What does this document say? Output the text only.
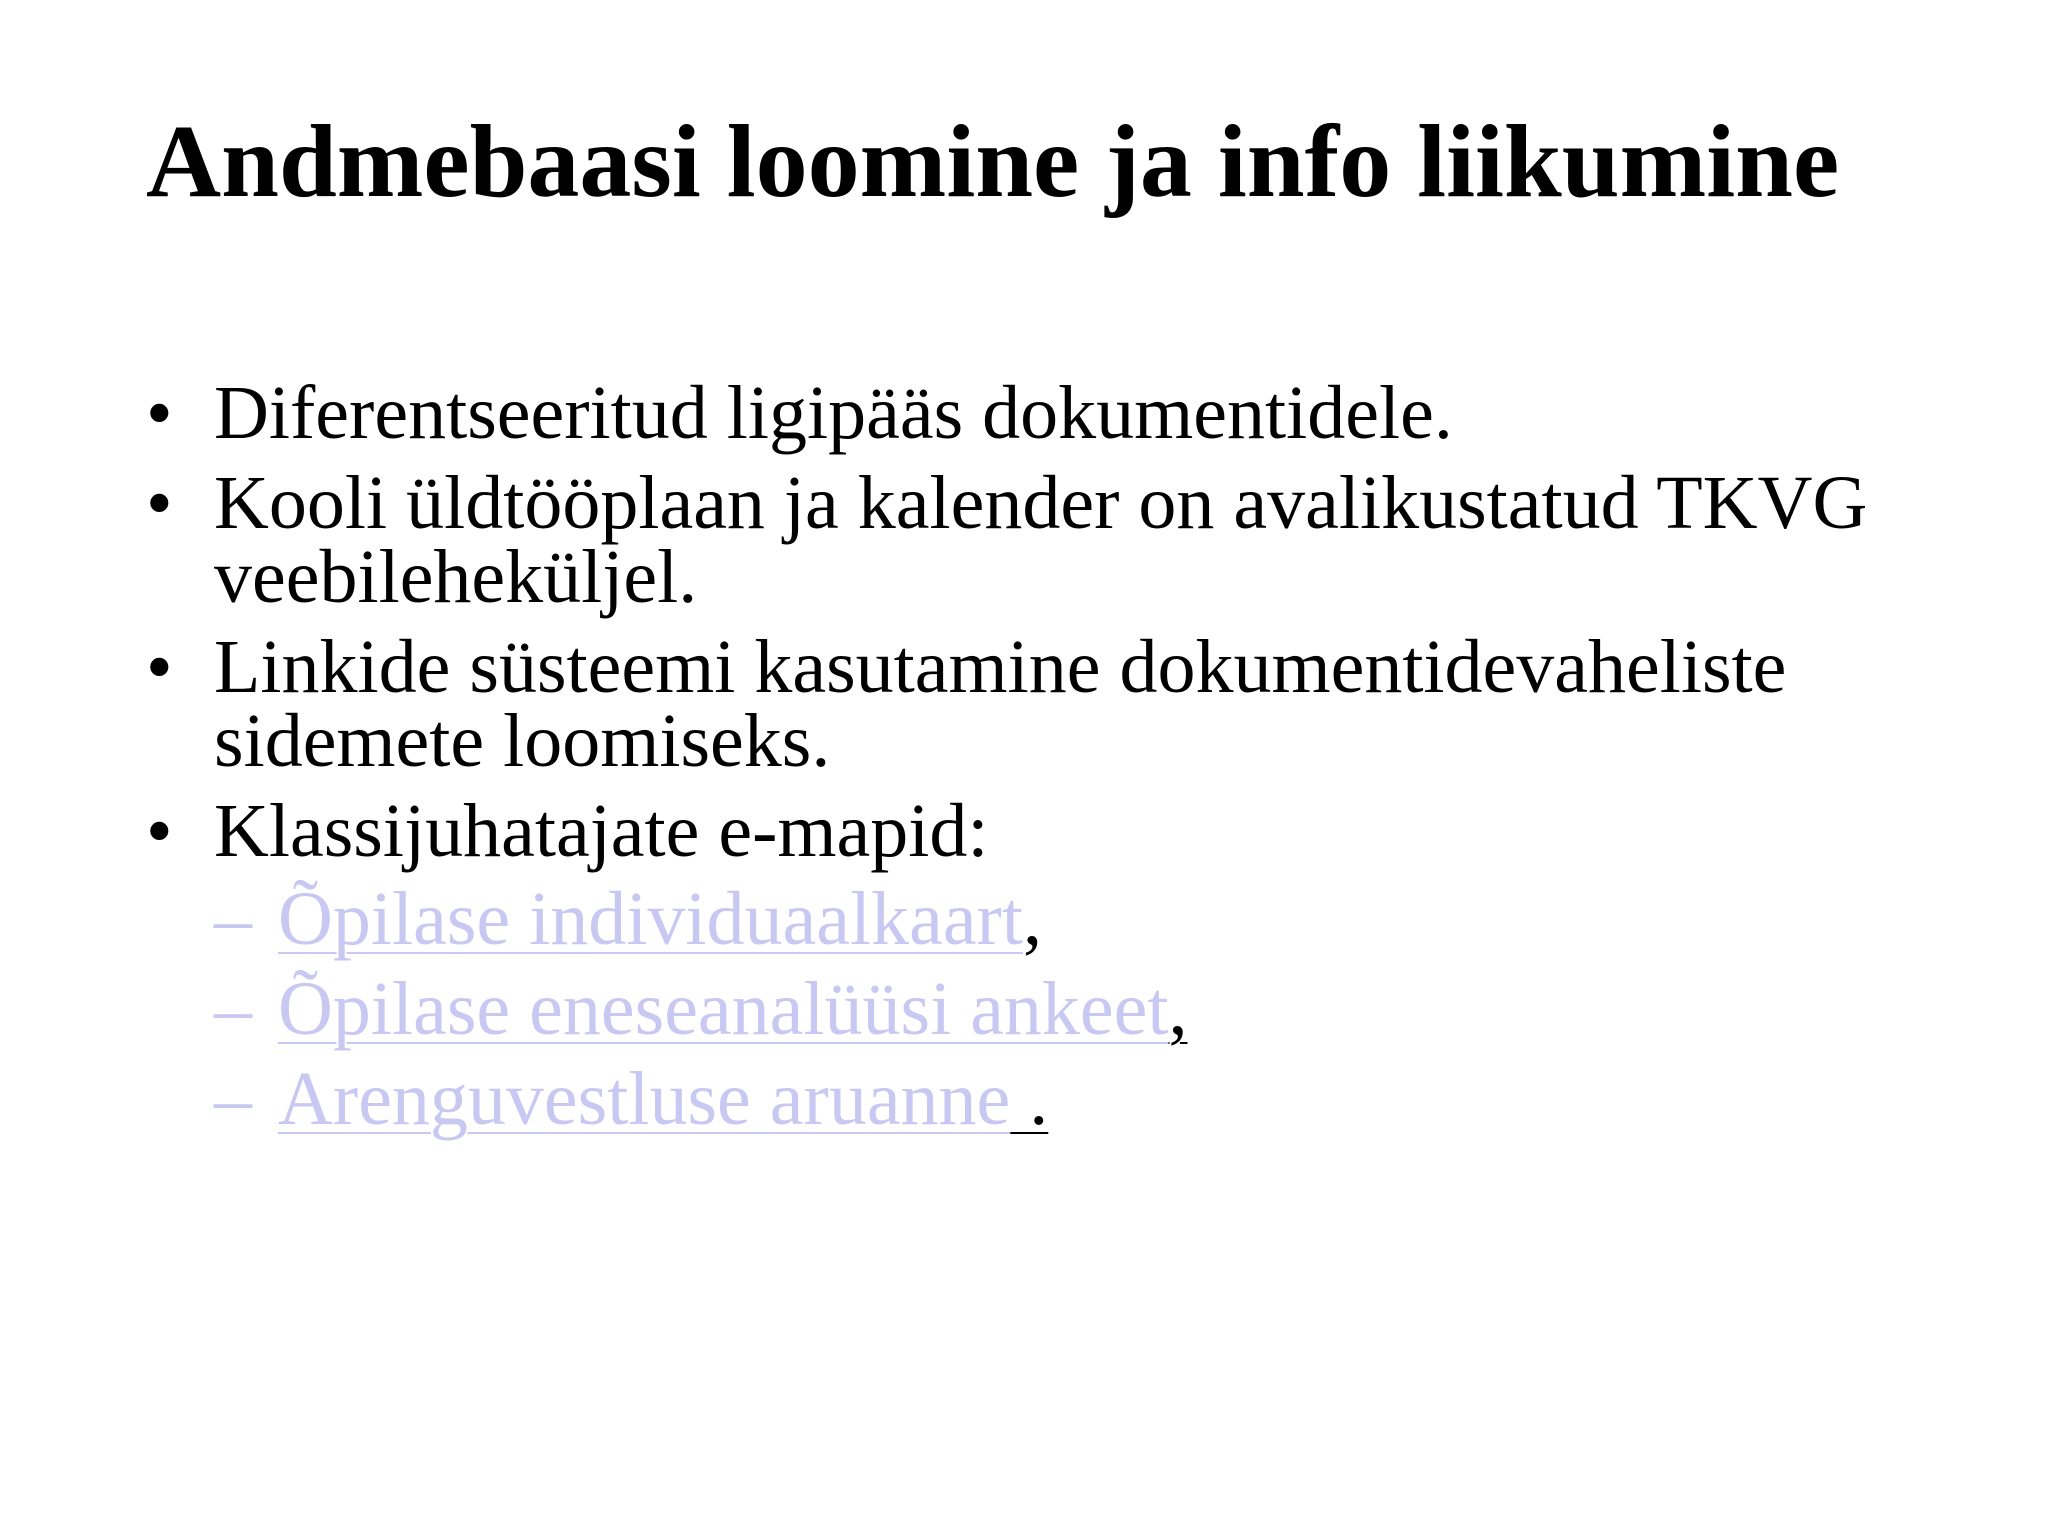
Andmebaasi loomine ja info liikumine
• Diferentseeritud ligipääs dokumentidele.
• Kooli üldtööplaan ja kalender on avalikustatud TKVG veebileheküljel.
• Linkide süsteemi kasutamine dokumentidevaheliste sidemete loomiseks.
• Klassijuhatajate e-mapid:
– Õpilase individuaalkaart,
– Õpilase eneseanalüüsi ankeet,
– Arenguvestluse aruanne .
